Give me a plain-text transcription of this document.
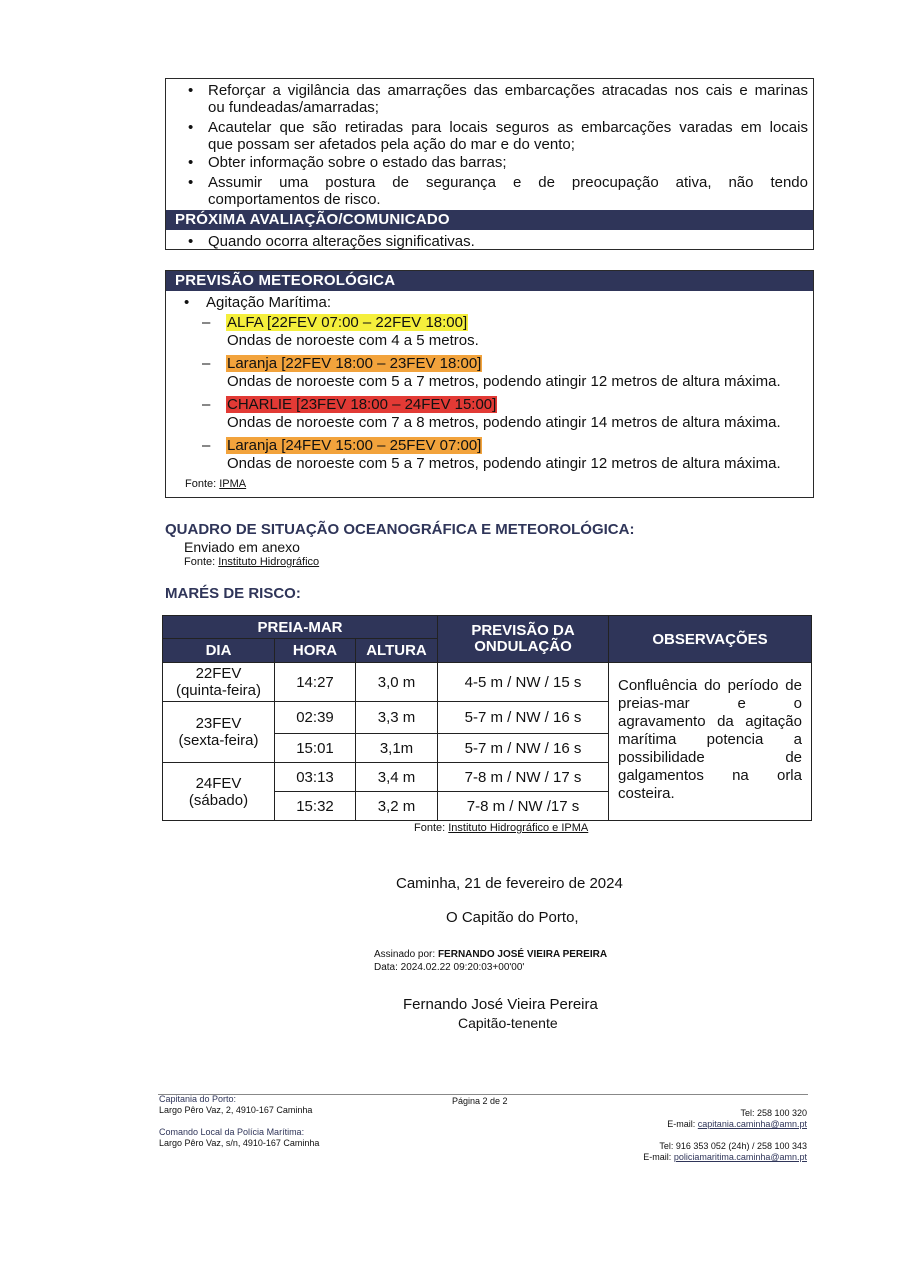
• Reforçar a vigilância das amarrações das embarcações atracadas nos cais e marinas
ou fundeadas/amarradas;
• Acautelar que são retiradas para locais seguros as embarcações varadas em locais
que possam ser afetados pela ação do mar e do vento;
• Obter informação sobre o estado das barras;
• Assumir uma postura de segurança e de preocupação ativa, não tendo
comportamentos de risco.
PRÓXIMA AVALIAÇÃO/COMUNICADO
• Quando ocorra alterações significativas.
PREVISÃO METEOROLÓGICA
• Agitação Marítima:
– ALFA [22FEV 07:00 – 22FEV 18:00]
Ondas de noroeste com 4 a 5 metros.
– Laranja [22FEV 18:00 – 23FEV 18:00]
Ondas de noroeste com 5 a 7 metros, podendo atingir 12 metros de altura máxima.
– CHARLIE [23FEV 18:00 – 24FEV 15:00]
Ondas de noroeste com 7 a 8 metros, podendo atingir 14 metros de altura máxima.
– Laranja [24FEV 15:00 – 25FEV 07:00]
Ondas de noroeste com 5 a 7 metros, podendo atingir 12 metros de altura máxima.
Fonte: IPMA
QUADRO DE SITUAÇÃO OCEANOGRÁFICA E METEOROLÓGICA:
Enviado em anexo
Fonte: Instituto Hidrográfico
MARÉS DE RISCO:
PREIA-MAR			PREVISÃO DA ONDULAÇÃO	OBSERVAÇÕES
DIA	HORA	ALTURA		

22FEV
(quinta-feira)	14:27	3,0 m	4-5 m / NW / 15 s	Confluência do período de preias-mar e o agravamento da agitação marítima potencia a possibilidade de galgamentos na orla costeira.

23FEV
(sexta-feira)	02:39	3,3 m	5-7 m / NW / 16 s	
	15:01	3,1m	5-7 m / NW / 16 s	

24FEV
(sábado)	03:13	3,4 m	7-8 m / NW / 17 s	
	15:32	3,2 m	7-8 m / NW /17 s	
Fonte: Instituto Hidrográfico e IPMA
Caminha, 21 de fevereiro de 2024
O Capitão do Porto,
Assinado por: FERNANDO JOSÉ VIEIRA PEREIRA
Data: 2024.02.22 09:20:03+00'00'
Fernando José Vieira Pereira
Capitão-tenente
Capitania do Porto:
Largo Pêro Vaz, 2, 4910-167 Caminha
Comando Local da Polícia Marítima:
Largo Pêro Vaz, s/n, 4910-167 Caminha
Página 2 de 2
Tel: 258 100 320
E-mail: capitania.caminha@amn.pt
Tel: 916 353 052 (24h) / 258 100 343
E-mail: policiamaritima.caminha@amn.pt
